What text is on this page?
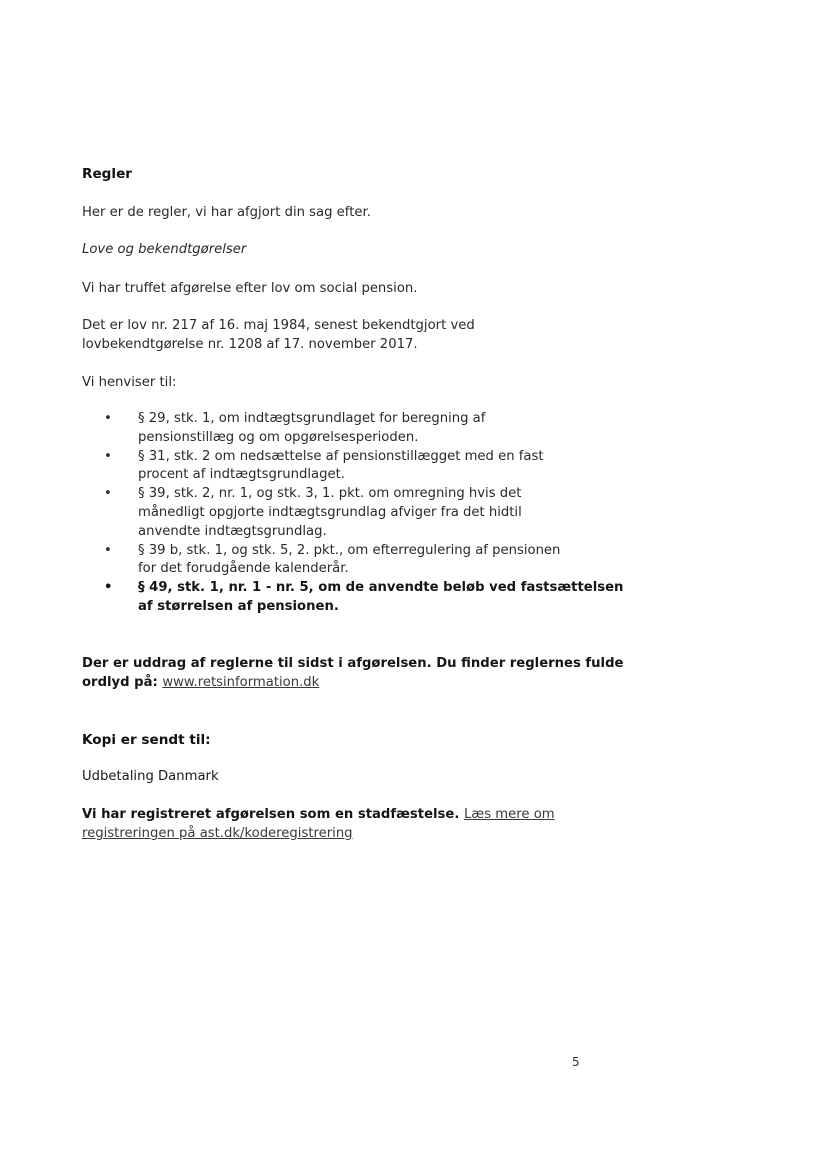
Regler
Her er de regler, vi har afgjort din sag efter.
Love og bekendtgørelser
Vi har truffet afgørelse efter lov om social pension.
Det er lov nr. 217 af 16. maj 1984, senest bekendtgjort ved
lovbekendtgørelse nr. 1208 af 17. november 2017.
Vi henviser til:
• § 29, stk. 1, om indtægtsgrundlaget for beregning af
pensionstillæg og om opgørelsesperioden.
• § 31, stk. 2 om nedsættelse af pensionstillægget med en fast
procent af indtægtsgrundlaget.
• § 39, stk. 2, nr. 1, og stk. 3, 1. pkt. om omregning hvis det
månedligt opgjorte indtægtsgrundlag afviger fra det hidtil
anvendte indtægtsgrundlag.
• § 39 b, stk. 1, og stk. 5, 2. pkt., om efterregulering af pensionen
for det forudgående kalenderår.
• § 49, stk. 1, nr. 1 - nr. 5, om de anvendte beløb ved fastsættelsen
af størrelsen af pensionen.
Der er uddrag af reglerne til sidst i afgørelsen. Du finder reglernes fulde
ordlyd på: www.retsinformation.dk
Kopi er sendt til:
Udbetaling Danmark
Vi har registreret afgørelsen som en stadfæstelse. Læs mere om
registreringen på ast.dk/koderegistrering
5
